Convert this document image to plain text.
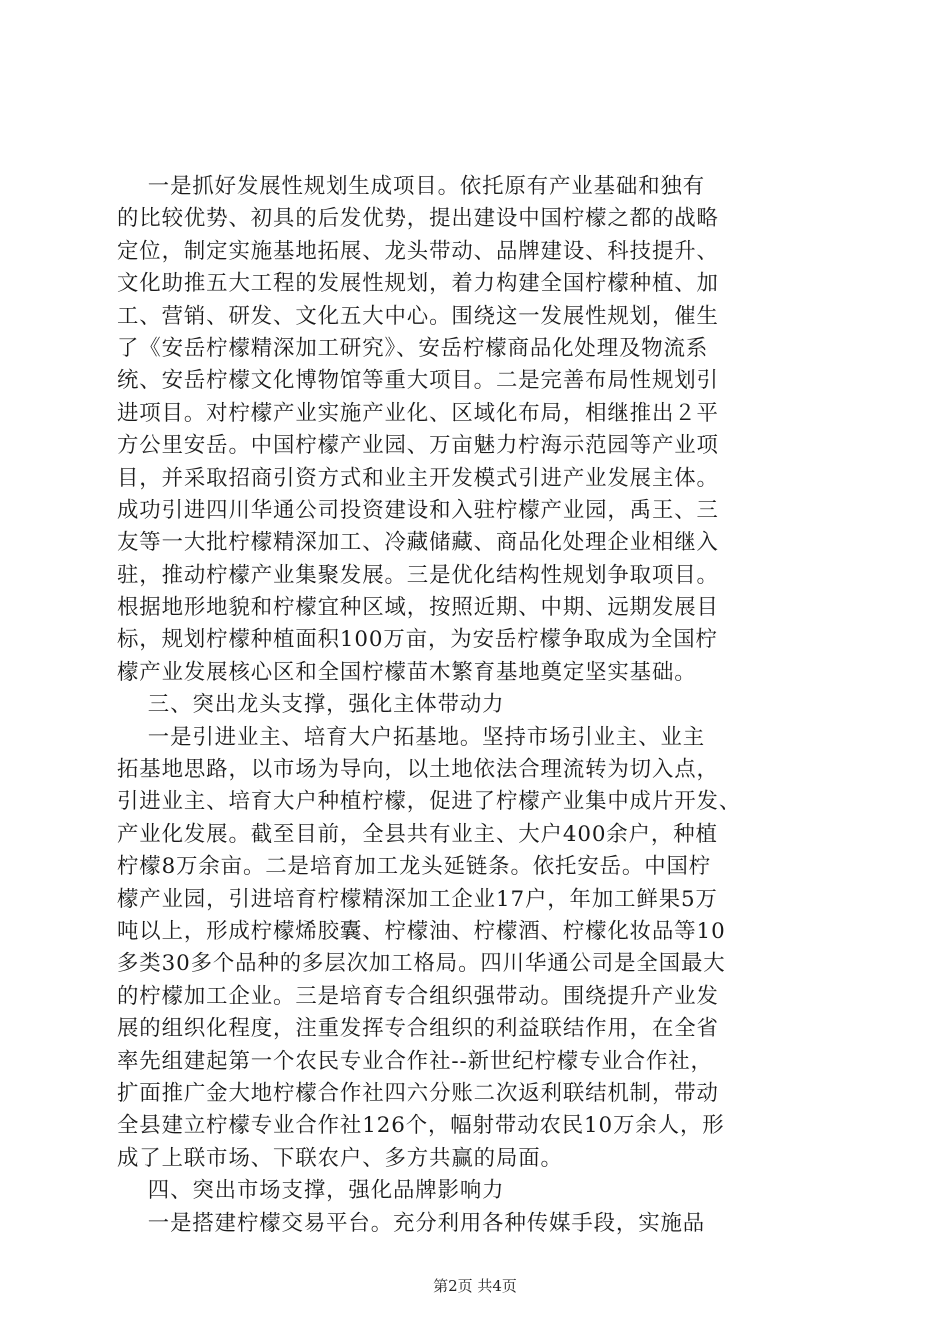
一是抓好发展性规划生成项目。依托原有产业基础和独有
的比较优势、初具的后发优势，提出建设中国柠檬之都的战略
定位，制定实施基地拓展、龙头带动、品牌建设、科技提升、
文化助推五大工程的发展性规划，着力构建全国柠檬种植、加
工、营销、研发、文化五大中心。围绕这一发展性规划，催生
了《安岳柠檬精深加工研究》、安岳柠檬商品化处理及物流系
统、安岳柠檬文化博物馆等重大项目。二是完善布局性规划引
进项目。对柠檬产业实施产业化、区域化布局，相继推出２平
方公里安岳。中国柠檬产业园、万亩魅力柠海示范园等产业项
目，并采取招商引资方式和业主开发模式引进产业发展主体。
成功引进四川华通公司投资建设和入驻柠檬产业园，禹王、三
友等一大批柠檬精深加工、冷藏储藏、商品化处理企业相继入
驻，推动柠檬产业集聚发展。三是优化结构性规划争取项目。
根据地形地貌和柠檬宜种区域，按照近期、中期、远期发展目
标，规划柠檬种植面积100万亩，为安岳柠檬争取成为全国柠
檬产业发展核心区和全国柠檬苗木繁育基地奠定坚实基础。
三、突出龙头支撑，强化主体带动力
一是引进业主、培育大户拓基地。坚持市场引业主、业主
拓基地思路，以市场为导向，以土地依法合理流转为切入点，
引进业主、培育大户种植柠檬，促进了柠檬产业集中成片开发、
产业化发展。截至目前，全县共有业主、大户400余户，种植
柠檬8万余亩。二是培育加工龙头延链条。依托安岳。中国柠
檬产业园，引进培育柠檬精深加工企业17户，年加工鲜果5万
吨以上，形成柠檬烯胶囊、柠檬油、柠檬酒、柠檬化妆品等10
多类30多个品种的多层次加工格局。四川华通公司是全国最大
的柠檬加工企业。三是培育专合组织强带动。围绕提升产业发
展的组织化程度，注重发挥专合组织的利益联结作用，在全省
率先组建起第一个农民专业合作社--新世纪柠檬专业合作社，
扩面推广金大地柠檬合作社四六分账二次返利联结机制，带动
全县建立柠檬专业合作社126个，幅射带动农民10万余人，形
成了上联市场、下联农户、多方共赢的局面。
四、突出市场支撑，强化品牌影响力
一是搭建柠檬交易平台。充分利用各种传媒手段，实施品
第2页 共4页
